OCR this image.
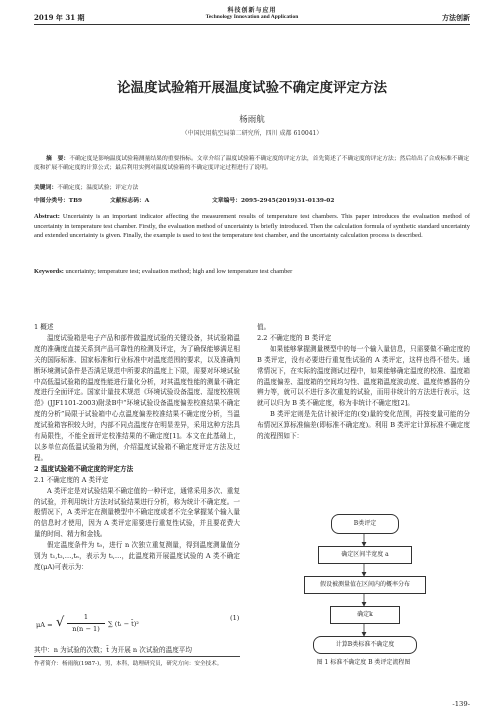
科技创新与应用
Technology Innovation and Application
2019 年 31 期	方法创新
论温度试验箱开展温度试验不确定度评定方法
杨雨航
（中国民用航空局第二研究所，四川 成都 610041）
摘　要：不确定度是影响温度试验箱测量结果的重要指标。文章介绍了温度试验箱不确定度的评定方法，首先简述了不确定度的评定方法；然后给出了合成标准不确定度和扩展不确定度的计算公式；最后利用实例对温度试验箱的不确定度评定过程进行了说明。
关键词：不确定度；温度试验；评定方法
中图分类号：TB9	文献标志码：A	文章编号：2095-2945(2019)31-0139-02
Abstract: Uncertainty is an important indicator affecting the measurement results of temperature test chambers. This paper introduces the evaluation method of uncertainty in temperature test chamber. Firstly, the evaluation method of uncertainty is briefly introduced. Then the calculation formula of synthetic standard uncertainty and extended uncertainty is given. Finally, the example is used to test the temperature test chamber, and the uncertainty calculation process is described.
Keywords: uncertainty; temperature test; evaluation method; high and low temperature test chamber

1 概述

温度试验箱是电子产品和部件做温度试验的关键设备，其试验箱温度的准确度直接关系到产品可靠性的检测及评定，为了确保能够满足相关的国际标准、国家标准和行业标准中对温度范围的要求，以及准确判断环境测试条件是否满足规范中所要求的温度上下限，需要对环境试验中高低温试验箱的温度性能进行量化分析，对其温度性能的测量不确定度进行全面评定。国家计量技术规范《环境试验设备温度、湿度校准规范》(JJF1101-2003)附录B中“环境试验设备温度偏差校准结果不确定度的分析”局限于试验箱中心点温度偏差校准结果不确定度分析，当温度试验箱容积较大时，内部不同点温度存在明显差异，采用这种方法具有局限性，不能全面评定校准结果的不确定度[1]。本文在此基础上，以多单位高低温试验箱为例，介绍温度试验箱不确定度评定方法及过程。

2 温度试验箱不确定度的评定方法

2.1 不确定度的 A 类评定

A 类评定是对试验结果不确定值的一种评定，通常采用多次、重复的试验，并利用统计方法对试验结果进行分析，称为统计不确定度。一般情况下，A 类评定在测量模型中不确定度或者不完全掌握某个输入量的信息时才使用，因为 A 类评定需要进行重复性试验，并且要花费大量的时间、精力和金钱。

假定温度条件为 t₀，进行 n 次独立重复测量，得到温度测量值分别为 t₁,t₂,…,tₙ，表示为 tᵢ,…，此温度箱开展温度试验的 A 类不确定度(μA)可表示为：

μA = √	1
n(n − 1)
∑ (tᵢ − t̄)²
(1)
其中：n 为试验的次数；t̄ 为开展 n 次试验的温度平均
作者简介：杨雨航(1987-)，男，本科，助理研究员，研究方向：安全技术。

值。

2.2 不确定度的 B 类评定

如果能够掌握测量模型中的每一个输入量信息，只需要做不确定度的 B 类评定，没有必要进行重复性试验的 A 类评定，这样也得不偿失。通常情况下，在实际的温度测试过程中，如果能够确定温度的校准、温度箱的温度偏差、温度箱的空间均匀性、温度箱温度波动度、温度传感器的分辨力等，就可以不进行多次重复的试验，而用非统计的方法进行表示，这就可以归为 B 类不确定度，称为非统计不确定度[2]。

B 类评定则是先估计被评定的(变)量的变化范围，再按变量可能的分布情况区算标准偏差(即标准不确定度)。利用 B 类评定计算标准不确定度的流程图如下：

B类评定
确定区间半宽度 a
假设被测量值在区间内的概率分布
确定k
计算B类标准不确定度
图 1 标准不确定度 B 类评定流程图
-139-
